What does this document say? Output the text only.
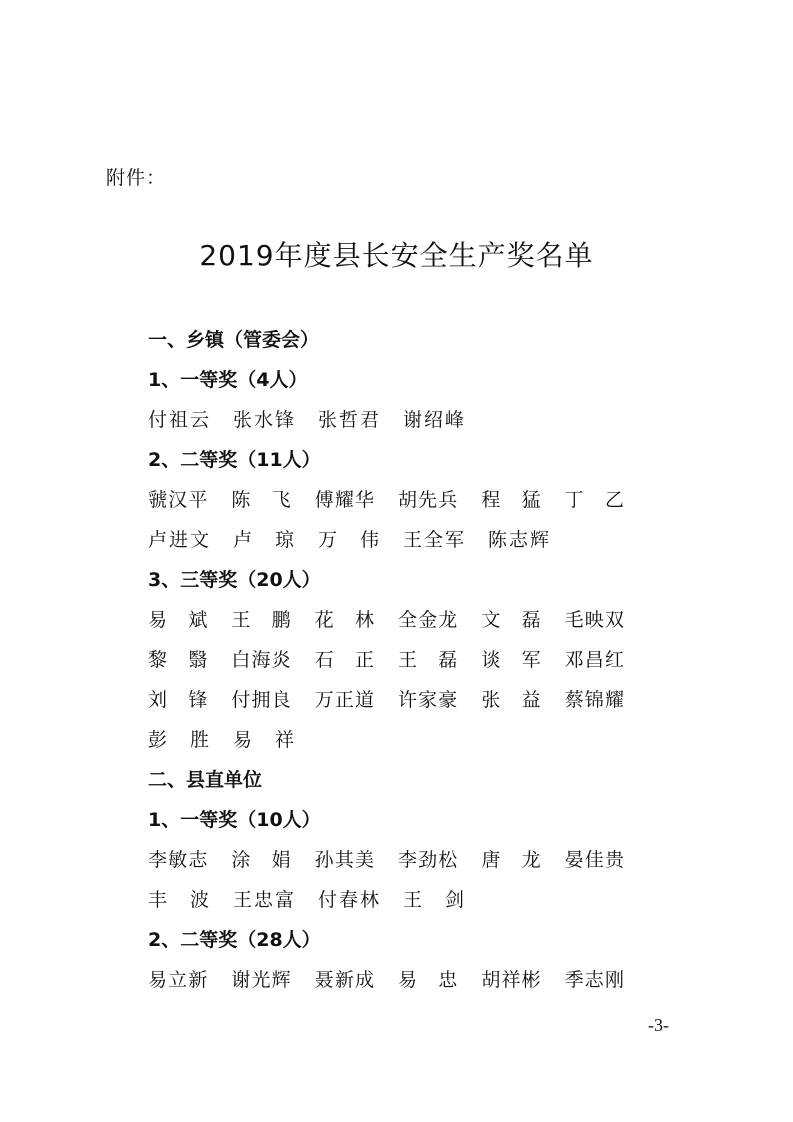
附件：
2019年度县长安全生产奖名单
一、乡镇（管委会）
1、一等奖（4人）
付 祖 云 张 水 锋 张 哲 君 谢 绍 峰
2、二等奖（11人）
虢 汉 平 陈 飞 傅 耀 华 胡 先 兵 程 猛 丁 乙
卢 进 文 卢 琼 万 伟 王 全 军 陈 志 辉
3、三等奖（20人）
易 斌 王 鹏 花 林 全 金 龙 文 磊 毛 映 双
黎 翳 白 海 炎 石 正 王 磊 谈 军 邓 昌 红
刘 锋 付 拥 良 万 正 道 许 家 豪 张 益 蔡 锦 耀
彭 胜 易 祥
二、县直单位
1、一等奖（10人）
李 敏 志 涂 娟 孙 其 美 李 劲 松 唐 龙 晏 佳 贵
丰 波 王 忠 富 付 春 林 王 剑
2、二等奖（28人）
易 立 新 谢 光 辉 聂 新 成 易 忠 胡 祥 彬 季 志 刚
-3-
